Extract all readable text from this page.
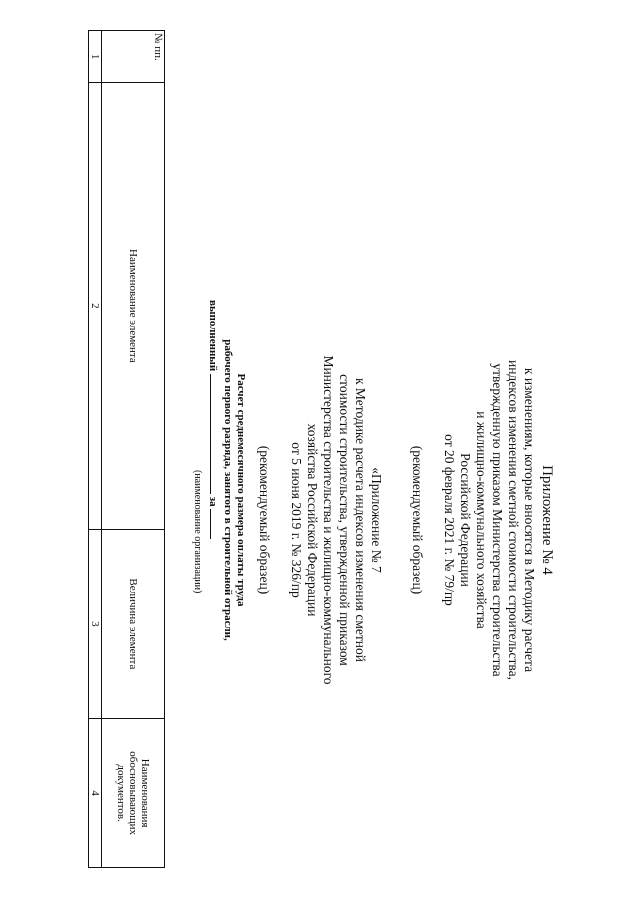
Приложение № 4

к изменениям, которые вносятся в Методику расчета

индексов изменения сметной стоимости строительства,

утвержденную приказом Министерства строительства

и жилищно-коммунального хозяйства

Российской Федерации

от 20 февраля 2021 г. № 79/пр

(рекомендуемый образец)

«Приложение № 7

к Методике расчета индексов изменения сметной

стоимости строительства, утвержденной приказом

Министерства строительства и жилищно-коммунального

хозяйства Российской Федерации

от 5 июня 2019 г. № 326/пр

(рекомендуемый образец)

Расчет среднемесячного размера оплаты труда

рабочего первого разряда, занятого в строительной отрасли,

выполненный  за
(наименование организации)

№ пп.	Наименование элемента	Величина элемента	Наименования
обосновывающих
документов.
1	2	3	4
